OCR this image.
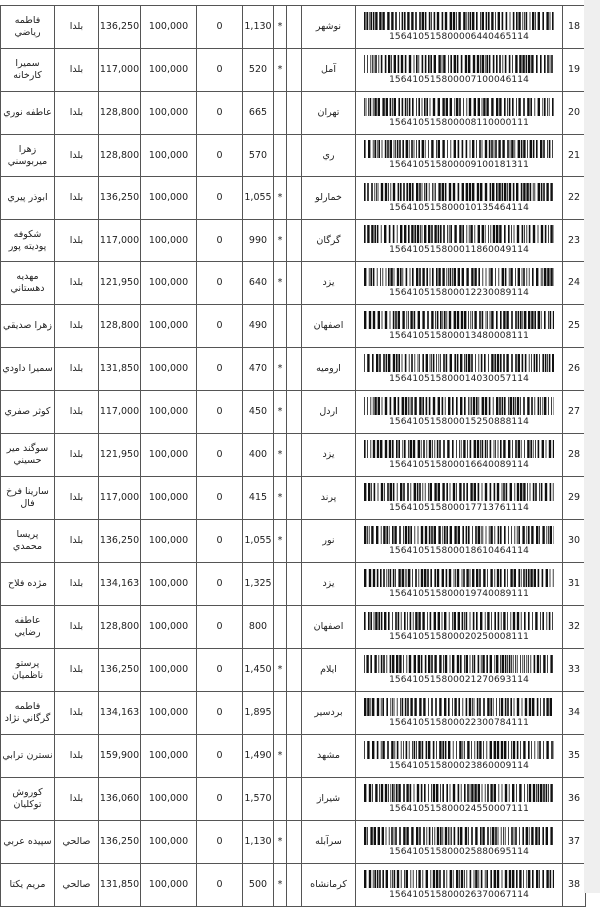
فاطمه رياضي	بلدا	136,250	100,000	0	1,130	*		نوشهر	156410515800006440465114	18
سميرا كارخانه	بلدا	117,000	100,000	0	520	*		آمل	156410515800007100046114	19
عاطفه نوري	بلدا	128,800	100,000	0	665			تهران	156410515800008110000111	20
زهرا ميربوسني	بلدا	128,800	100,000	0	570			ري	156410515800009100181311	21
ابوذر پيري	بلدا	136,250	100,000	0	1,055	*		خمارلو	156410515800010135464114	22
شكوفه پوديته پور	بلدا	117,000	100,000	0	990	*		گرگان	156410515800011860049114	23
مهديه دهستاني	بلدا	121,950	100,000	0	640	*		يزد	156410515800012230089114	24
زهرا صديقي	بلدا	128,800	100,000	0	490			اصفهان	156410515800013480008111	25
سميرا داودي	بلدا	131,850	100,000	0	470	*		اروميه	156410515800014030057114	26
كوثر صفري	بلدا	117,000	100,000	0	450	*		اردل	156410515800015250888114	27
سوگند مير حسيني	بلدا	121,950	100,000	0	400	*		يزد	156410515800016640089114	28
سارينا فرخ فال	بلدا	117,000	100,000	0	415	*		پرند	156410515800017713761114	29
پريسا محمدي	بلدا	136,250	100,000	0	1,055	*		نور	156410515800018610464114	30
مژده فلاح	بلدا	134,163	100,000	0	1,325			يزد	156410515800019740089111	31
عاطفه رضايي	بلدا	128,800	100,000	0	800			اصفهان	156410515800020250008111	32
پرستو ناظميان	بلدا	136,250	100,000	0	1,450	*		ايلام	156410515800021270693114	33
فاطمه گرگاني نژاد	بلدا	134,163	100,000	0	1,895			بردسير	156410515800022300784111	34
نسترن ترابي	بلدا	159,900	100,000	0	1,490	*		مشهد	156410515800023860009114	35
كوروش توكليان	بلدا	136,060	100,000	0	1,570			شيراز	156410515800024550007111	36
سپيده عربي	صالحي	136,250	100,000	0	1,130	*		سرآبله	156410515800025880695114	37
مريم يكتا	صالحي	131,850	100,000	0	500	*		كرمانشاه	156410515800026370067114	38
